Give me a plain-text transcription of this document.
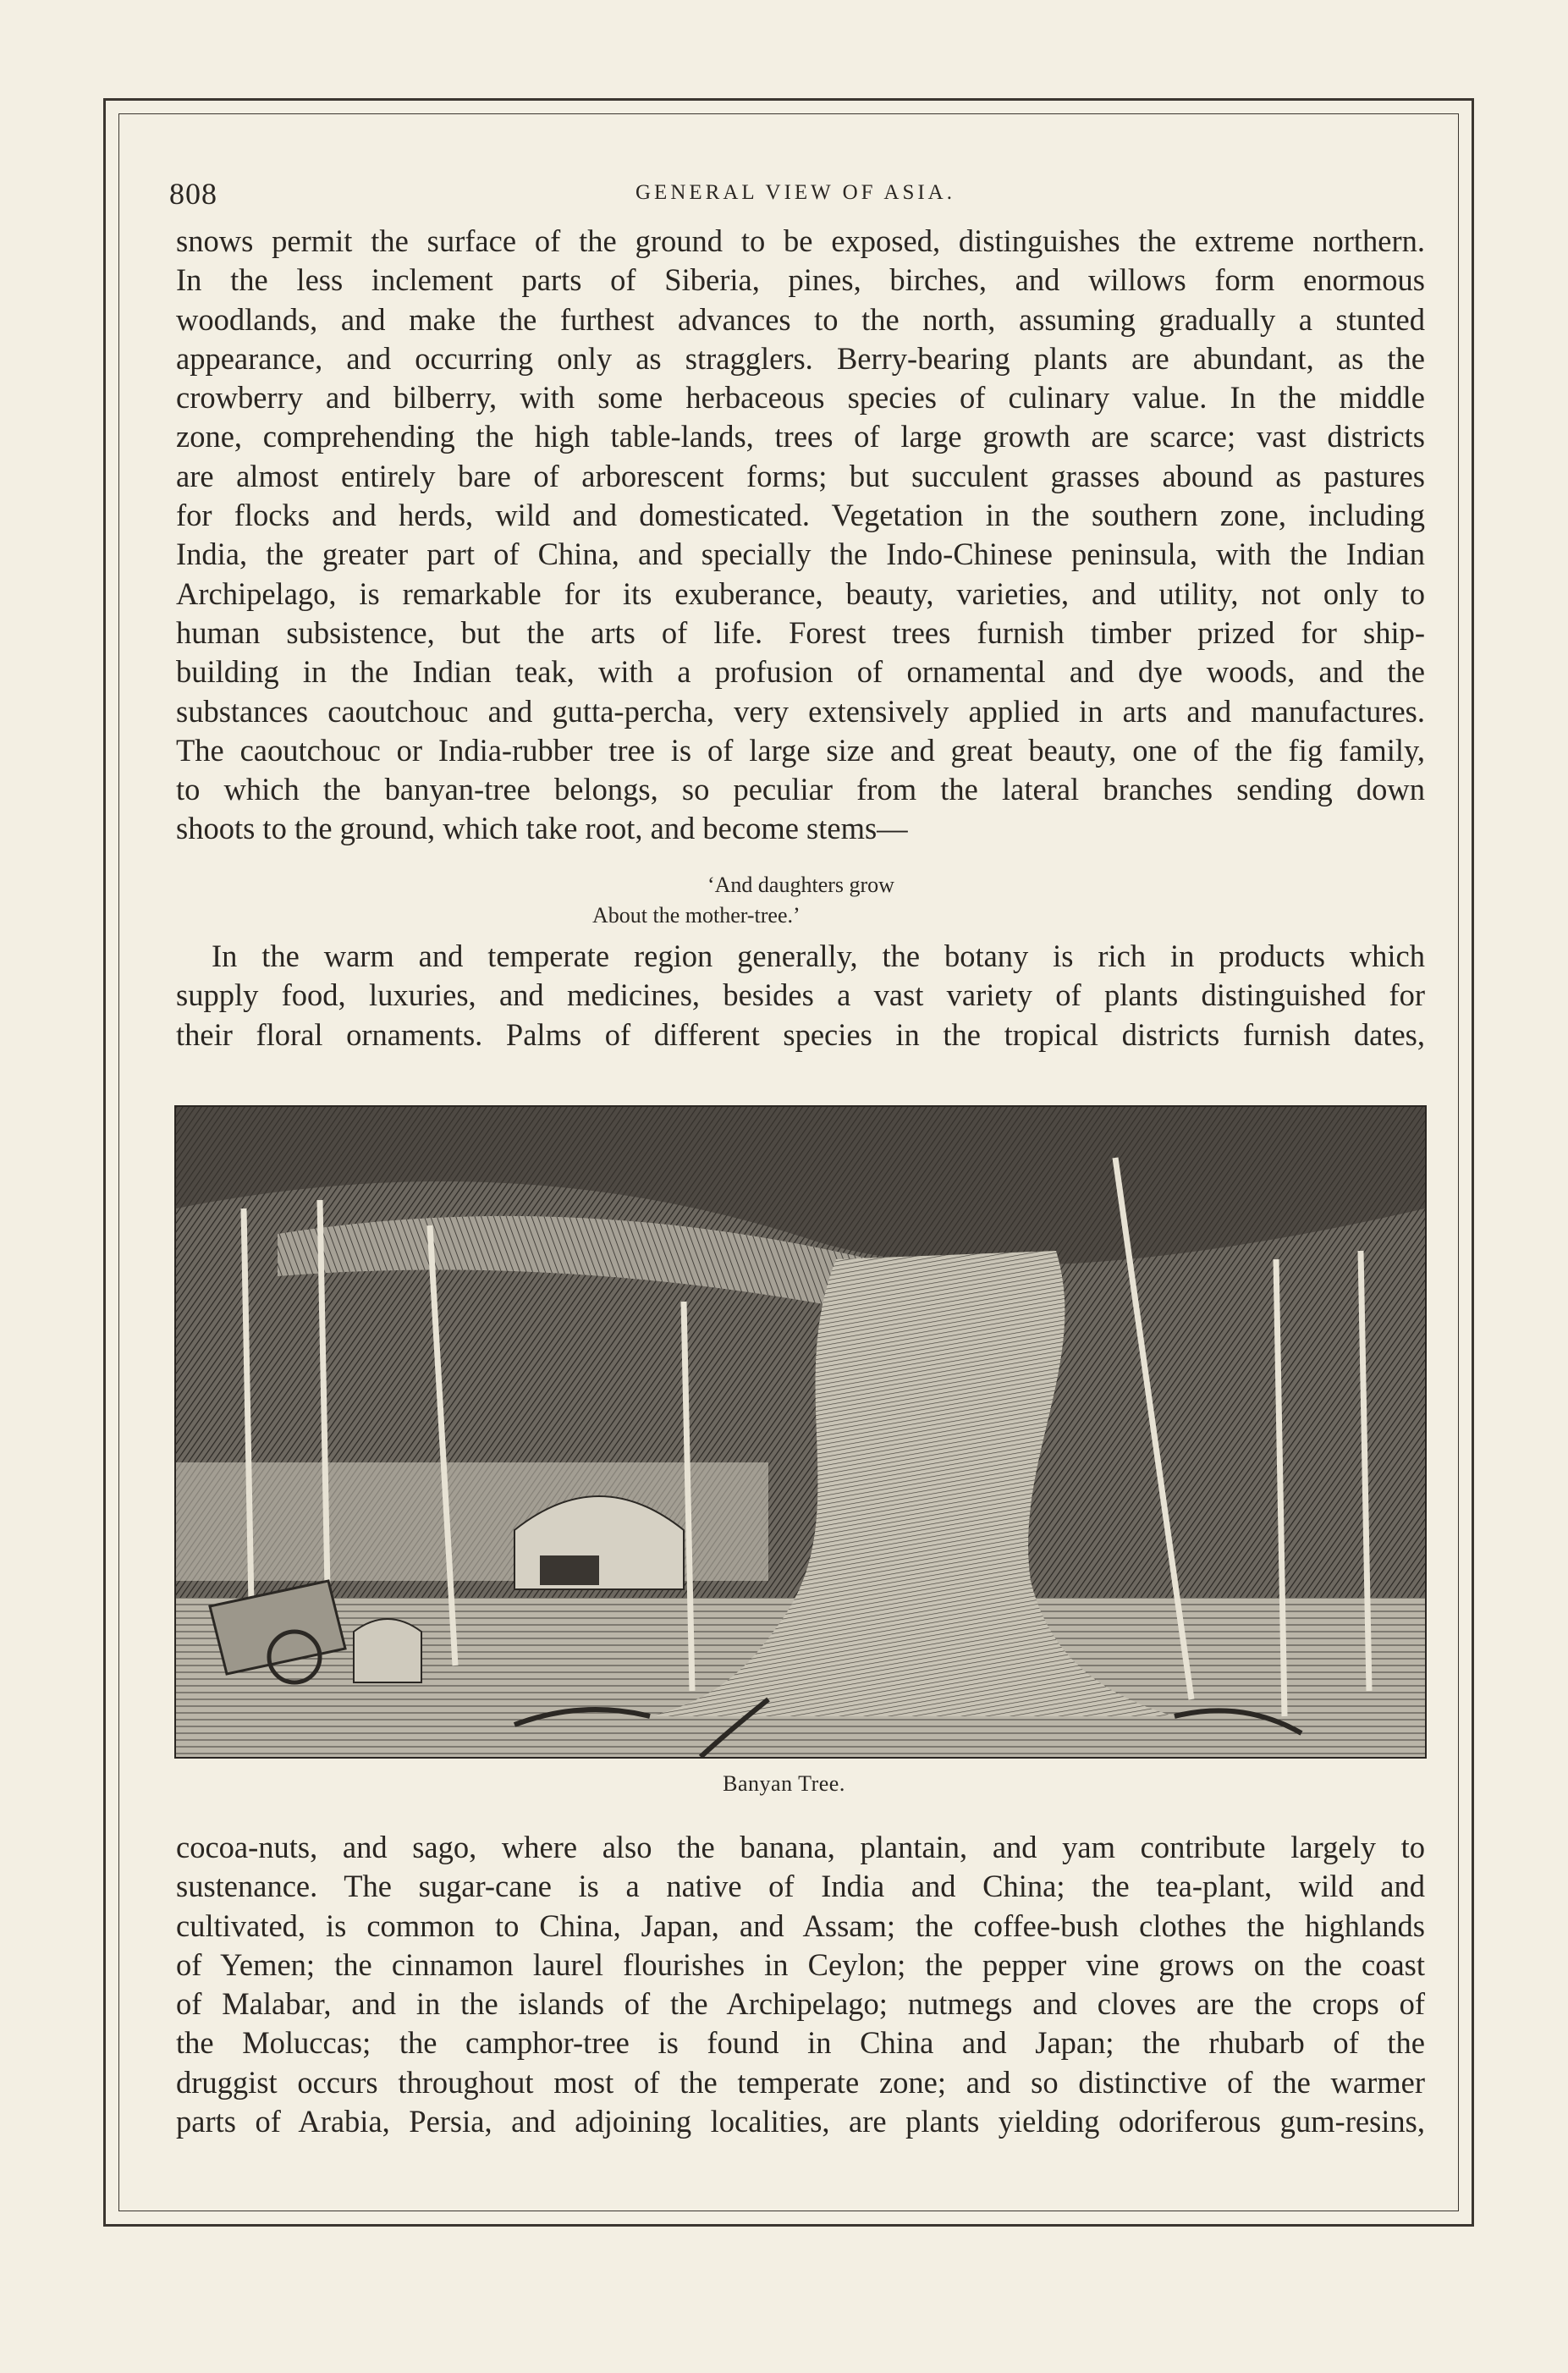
808	GENERAL VIEW OF ASIA.

snows permit the surface of the ground to be exposed, distinguishes the extreme northern.
In the less inclement parts of Siberia, pines, birches, and willows form enormous
woodlands, and make the furthest advances to the north, assuming gradually a stunted
appearance, and occurring only as stragglers. Berry-bearing plants are abundant, as the
crowberry and bilberry, with some herbaceous species of culinary value. In the middle
zone, comprehending the high table-lands, trees of large growth are scarce; vast districts
are almost entirely bare of arborescent forms; but succulent grasses abound as pastures
for flocks and herds, wild and domesticated. Vegetation in the southern zone, including
India, the greater part of China, and specially the Indo-Chinese peninsula, with the Indian
Archipelago, is remarkable for its exuberance, beauty, varieties, and utility, not only to
human subsistence, but the arts of life. Forest trees furnish timber prized for ship-
building in the Indian teak, with a profusion of ornamental and dye woods, and the
substances caoutchouc and gutta-percha, very extensively applied in arts and manufactures.
The caoutchouc or India-rubber tree is of large size and great beauty, one of the fig family,
to which the banyan-tree belongs, so peculiar from the lateral branches sending down
shoots to the ground, which take root, and become stems—

‘And daughters grow
About the mother-tree.’

In the warm and temperate region generally, the botany is rich in products which
supply food, luxuries, and medicines, besides a vast variety of plants distinguished for
their floral ornaments. Palms of different species in the tropical districts furnish dates,

Banyan Tree.

cocoa-nuts, and sago, where also the banana, plantain, and yam contribute largely to
sustenance. The sugar-cane is a native of India and China; the tea-plant, wild and
cultivated, is common to China, Japan, and Assam; the coffee-bush clothes the highlands
of Yemen; the cinnamon laurel flourishes in Ceylon; the pepper vine grows on the coast
of Malabar, and in the islands of the Archipelago; nutmegs and cloves are the crops of
the Moluccas; the camphor-tree is found in China and Japan; the rhubarb of the
druggist occurs throughout most of the temperate zone; and so distinctive of the warmer
parts of Arabia, Persia, and adjoining localities, are plants yielding odoriferous gum-resins,
